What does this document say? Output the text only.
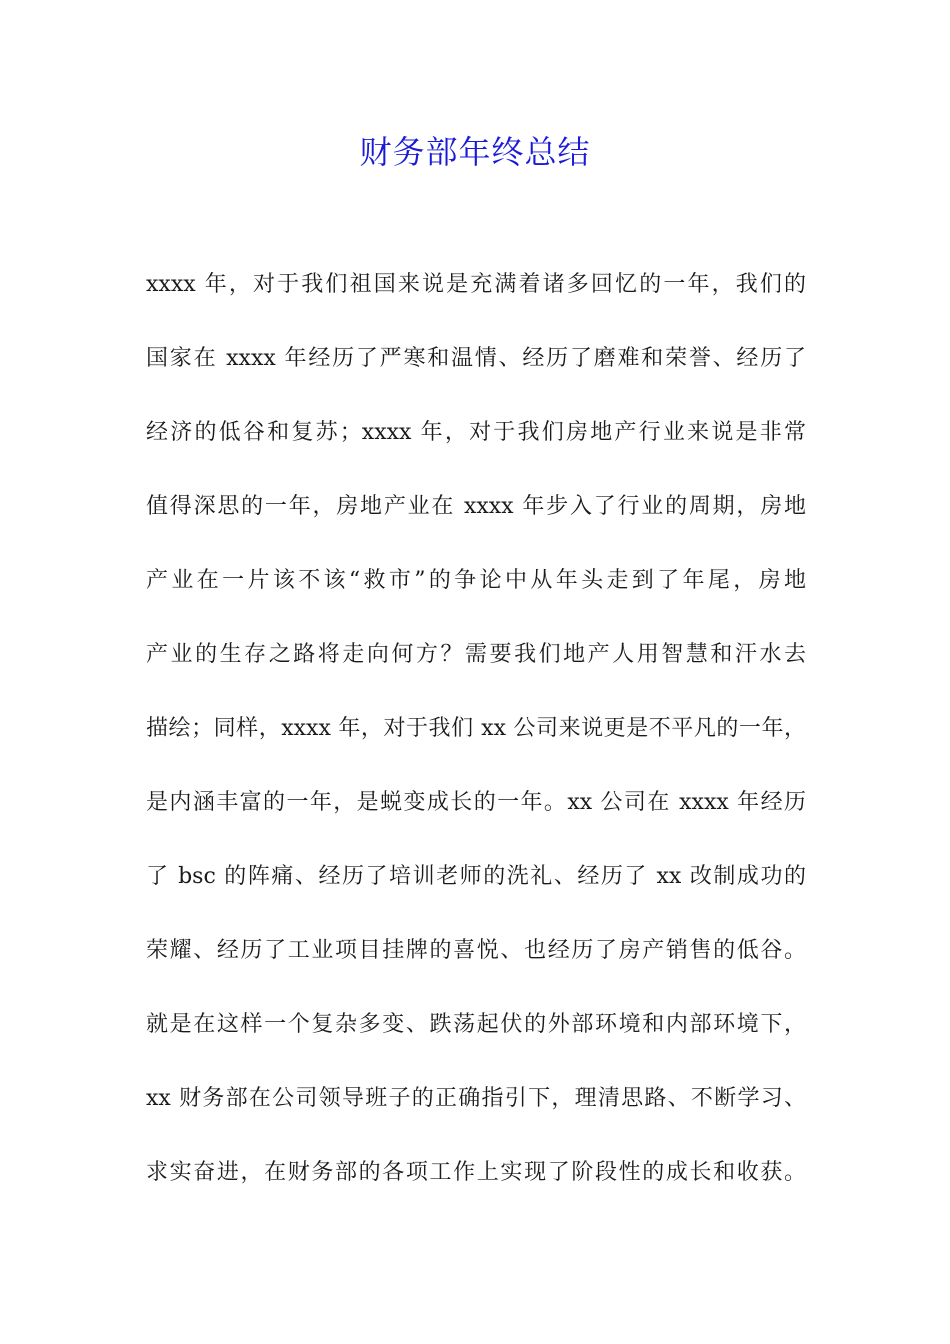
财务部年终总结
xxxx 年，对于我们祖国来说是充满着诸多回忆的一年，我们的
国家在 xxxx 年经历了严寒和温情、经历了磨难和荣誉、经历了
经济的低谷和复苏；xxxx 年，对于我们房地产行业来说是非常
值得深思的一年，房地产业在 xxxx 年步入了行业的周期，房地
产业在一片该不该“救市”的争论中从年头走到了年尾，房地
产业的生存之路将走向何方？需要我们地产人用智慧和汗水去
描绘；同样，xxxx 年，对于我们 xx 公司来说更是不平凡的一年，
是内涵丰富的一年，是蜕变成长的一年。xx 公司在 xxxx 年经历
了 bsc 的阵痛、经历了培训老师的洗礼、经历了 xx 改制成功的
荣耀、经历了工业项目挂牌的喜悦、也经历了房产销售的低谷。
就是在这样一个复杂多变、跌荡起伏的外部环境和内部环境下，
xx 财务部在公司领导班子的正确指引下，理清思路、不断学习、
求实奋进，在财务部的各项工作上实现了阶段性的成长和收获。
